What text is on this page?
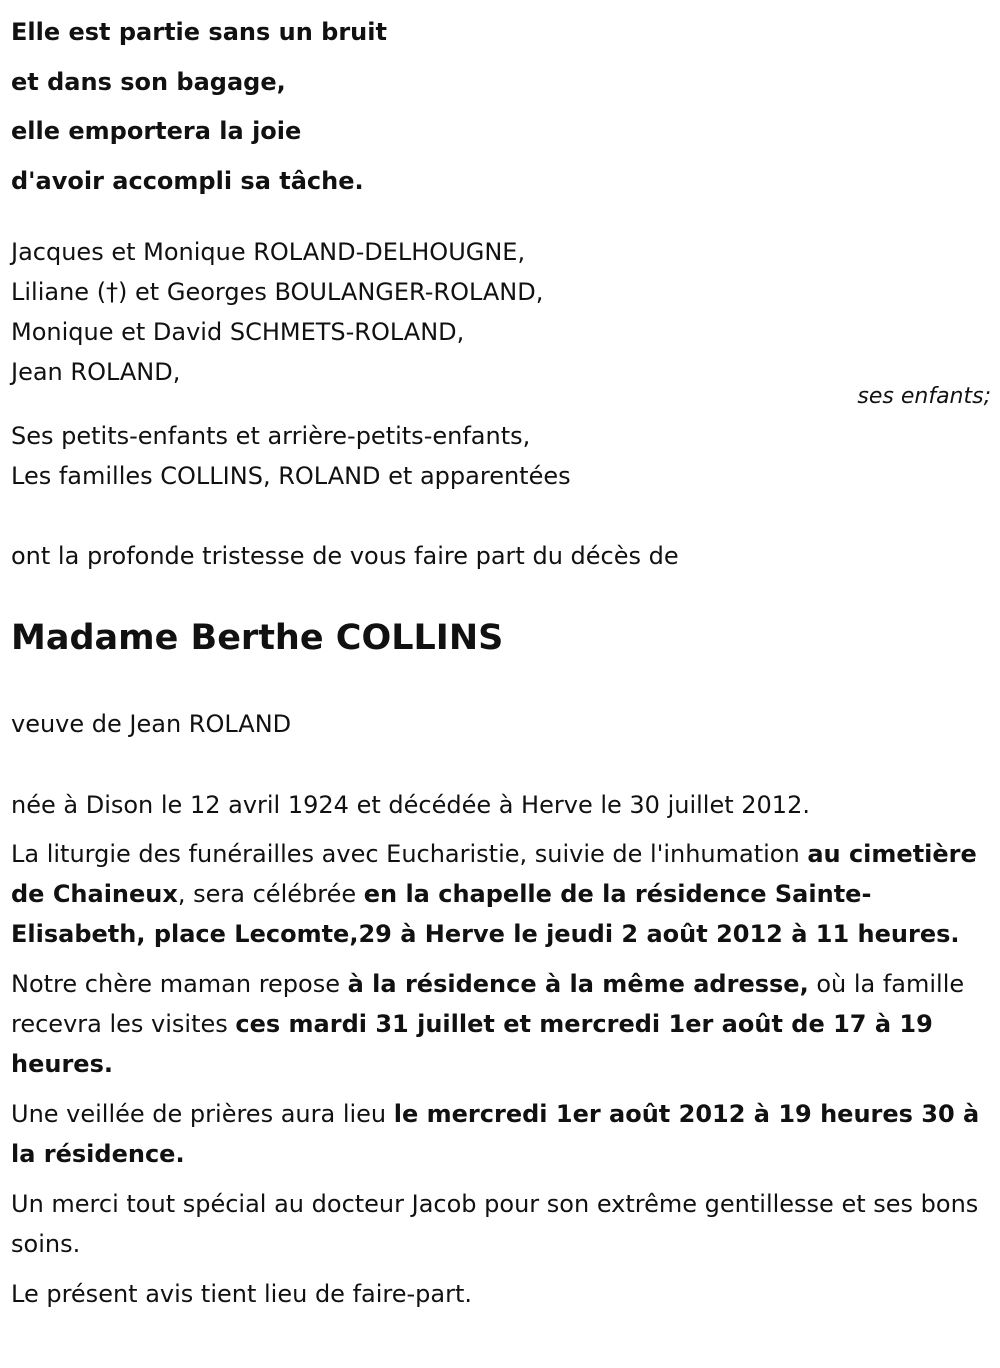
Elle est partie sans un bruit
et dans son bagage,
elle emportera la joie
d'avoir accompli sa tâche.
Jacques et Monique ROLAND-DELHOUGNE,
Liliane (†) et Georges BOULANGER-ROLAND,
Monique et David SCHMETS-ROLAND,
Jean ROLAND,
Ses petits-enfants et arrière-petits-enfants,
Les familles COLLINS, ROLAND et apparentées
ont la profonde tristesse de vous faire part du décès de
Madame Berthe COLLINS
veuve de Jean ROLAND

née à Dison le 12 avril 1924 et décédée à Herve le 30 juillet 2012.

La liturgie des funérailles avec Eucharistie, suivie de l'inhumation au cimetière de Chaineux, sera célébrée en la chapelle de la résidence Sainte-Elisabeth, place Lecomte,29 à Herve le jeudi 2 août 2012 à 11 heures.

Notre chère maman repose à la résidence à la même adresse, où la famille recevra les visites ces mardi 31 juillet et mercredi 1er août de 17 à 19 heures.

Une veillée de prières aura lieu le mercredi 1er août 2012 à 19 heures 30 à la résidence.

Un merci tout spécial au docteur Jacob pour son extrême gentillesse et ses bons soins.

Le présent avis tient lieu de faire-part.

ses enfants;
